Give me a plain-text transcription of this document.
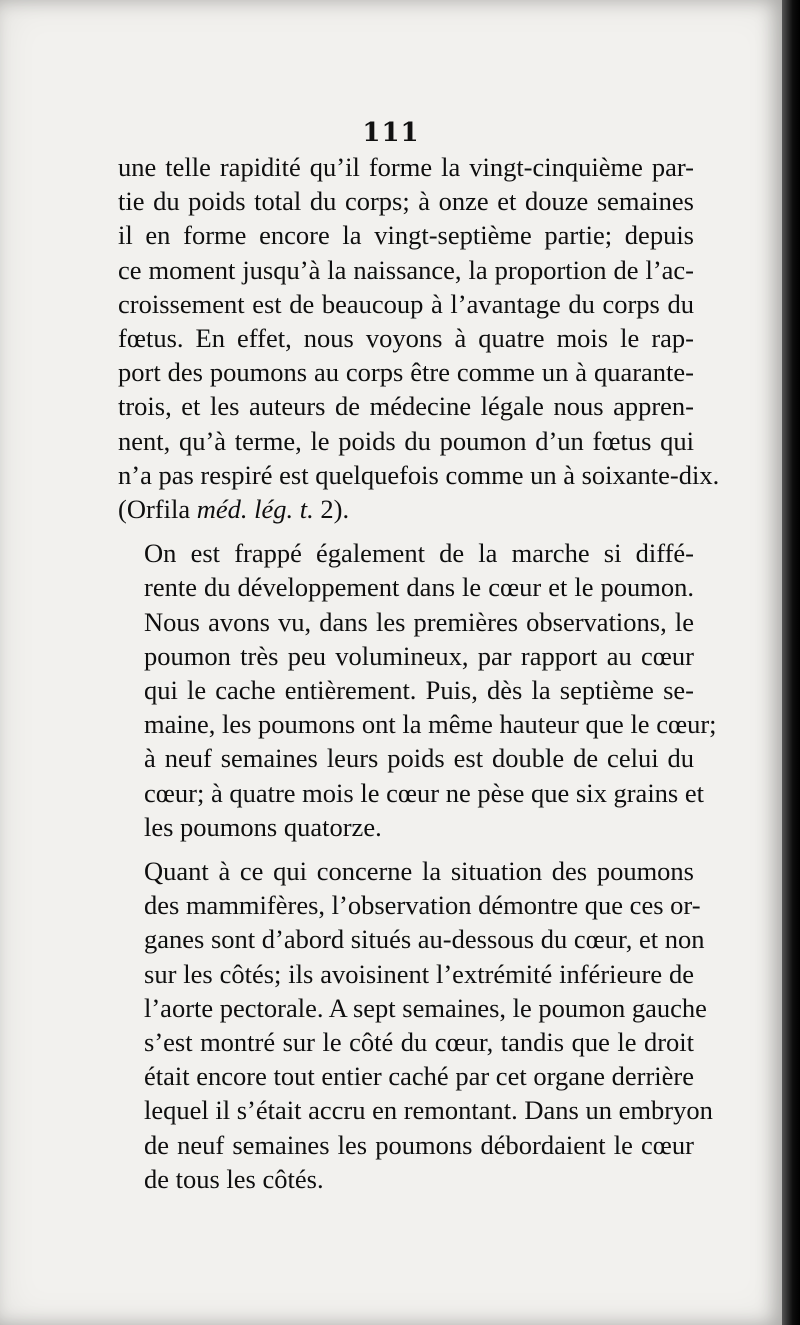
111

une telle rapidité qu’il forme la vingt-cinquième par-
tie du poids total du corps; à onze et douze semaines
il en forme encore la vingt-septième partie; depuis
ce moment jusqu’à la naissance, la proportion de l’ac-
croissement est de beaucoup à l’avantage du corps du
fœtus. En effet, nous voyons à quatre mois le rap-
port des poumons au corps être comme un à quarante-
trois, et les auteurs de médecine légale nous appren-
nent, qu’à terme, le poids du poumon d’un fœtus qui
n’a pas respiré est quelquefois comme un à soixante-dix.
(Orfila méd. lég. t. 2).

On est frappé également de la marche si diffé-
rente du développement dans le cœur et le poumon.
Nous avons vu, dans les premières observations, le
poumon très peu volumineux, par rapport au cœur
qui le cache entièrement. Puis, dès la septième se-
maine, les poumons ont la même hauteur que le cœur;
à neuf semaines leurs poids est double de celui du
cœur; à quatre mois le cœur ne pèse que six grains et
les poumons quatorze.

Quant à ce qui concerne la situation des poumons
des mammifères, l’observation démontre que ces or-
ganes sont d’abord situés au-dessous du cœur, et non
sur les côtés; ils avoisinent l’extrémité inférieure de
l’aorte pectorale. A sept semaines, le poumon gauche
s’est montré sur le côté du cœur, tandis que le droit
était encore tout entier caché par cet organe derrière
lequel il s’était accru en remontant. Dans un embryon
de neuf semaines les poumons débordaient le cœur
de tous les côtés.
